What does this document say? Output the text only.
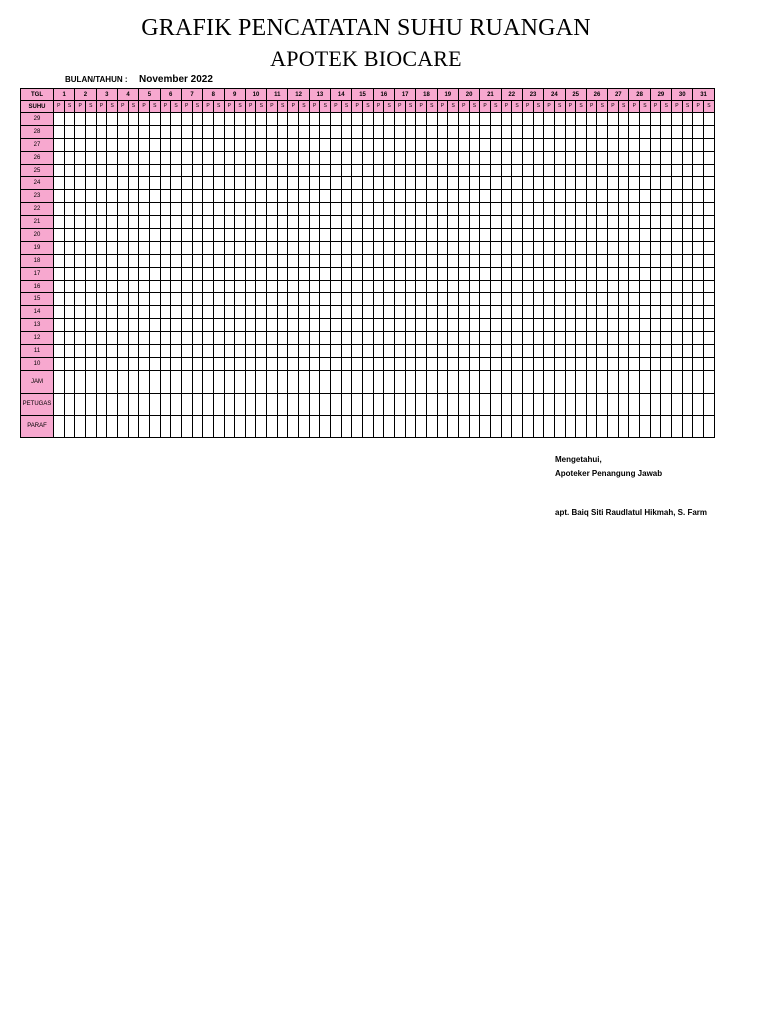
GRAFIK PENCATATAN SUHU RUANGAN
APOTEK BIOCARE
BULAN/TAHUN : November 2022
TGL	1		2		3		4		5		6		7		8		9		10		11		12		13		14		15		16		17		18		19		20		21		22		23		24		25		26		27		28		29		30		31	
SUHU	P	S	P	S	P	S	P	S	P	S	P	S	P	S	P	S	P	S	P	S	P	S	P	S	P	S	P	S	P	S	P	S	P	S	P	S	P	S	P	S	P	S	P	S	P	S	P	S	P	S	P	S	P	S	P	S	P	S	P	S	P	S
29																																																														
28																																																														
27																																																														
26																																																														
25																																																														
24																																																														
23																																																														
22																																																														
21																																																														
20																																																														
19																																																														
18																																																														
17																																																														
16																																																														
15																																																														
14																																																														
13																																																														
12																																																														
11																																																														
10																																																														
JAM																																																														
PETUGAS																																																														
PARAF																																																														
Mengetahui,
Apoteker Penangung Jawab
apt. Baiq Siti Raudlatul Hikmah, S. Farm
